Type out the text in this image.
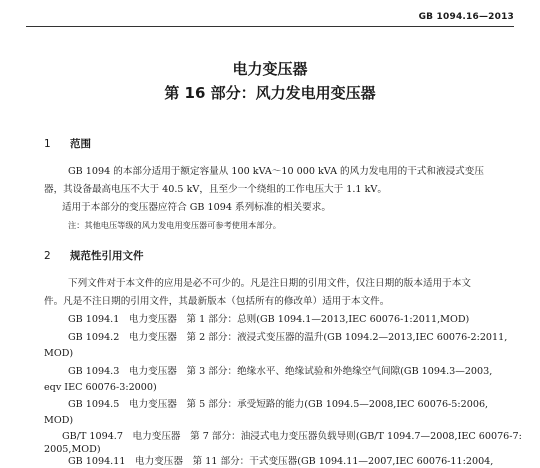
GB 1094.16—2013
电力变压器
第 16 部分：风力发电用变压器
1 范围
GB 1094 的本部分适用于额定容量从 100 kVA～10 000 kVA 的风力发电用的干式和液浸式变压
器，其设备最高电压不大于 40.5 kV，且至少一个绕组的工作电压大于 1.1 kV。
适用于本部分的变压器应符合 GB 1094 系列标准的相关要求。
注：其他电压等级的风力发电用变压器可参考使用本部分。
2 规范性引用文件
下列文件对于本文件的应用是必不可少的。凡是注日期的引用文件，仅注日期的版本适用于本文
件。凡是不注日期的引用文件，其最新版本（包括所有的修改单）适用于本文件。
GB 1094.1　电力变压器　第 1 部分：总则(GB 1094.1—2013,IEC 60076-1:2011,MOD)
GB 1094.2　电力变压器　第 2 部分：液浸式变压器的温升(GB 1094.2—2013,IEC 60076-2:2011,
MOD)
GB 1094.3　电力变压器　第 3 部分：绝缘水平、绝缘试验和外绝缘空气间隙(GB 1094.3—2003,
eqv IEC 60076-3:2000)
GB 1094.5　电力变压器　第 5 部分：承受短路的能力(GB 1094.5—2008,IEC 60076-5:2006,
MOD)
GB/T 1094.7　电力变压器　第 7 部分：油浸式电力变压器负载导则(GB/T 1094.7—2008,IEC 60076-7:
2005,MOD)
GB 1094.11　电力变压器　第 11 部分：干式变压器(GB 1094.11—2007,IEC 60076-11:2004,
